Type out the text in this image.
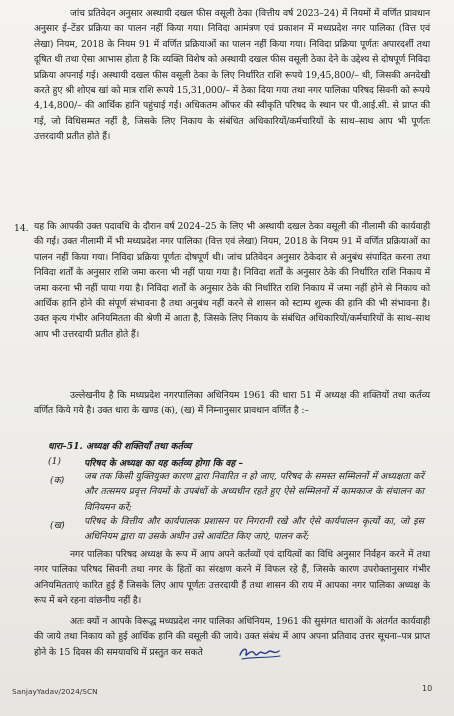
जांच प्रतिवेदन अनुसार अस्थायी दखल फीस वसूली ठेका (वित्तीय वर्ष 2023–24) में नियमों में वर्णित प्रावधान अनुसार ई–टेंडर प्रक्रिया का पालन नहीं किया गया। निविदा आमंत्रण एवं प्रकाशन में मध्यप्रदेश नगर पालिका (वित्त एवं लेखा) नियम, 2018 के नियम 91 में वर्णित प्रक्रियाओं का पालन नहीं किया गया। निविदा प्रक्रिया पूर्णतः अपारदर्शी तथा दूषित थी तथा ऐसा आभास होता है कि व्यक्ति विशेष को अस्थायी दखल फीस वसूली ठेका देने के उद्देश्य से दोषपूर्ण निविदा प्रक्रिया अपनाई गई। अस्थायी दखल फीस वसूली ठेका के लिए निर्धारित राशि रूपये 19,45,800/– थी, जिसकी अनदेखी करते हुए श्री शोएब खां को मात्र राशि रूपये 15,31,000/– में ठेका दिया गया तथा नगर पालिका परिषद सिवनी को रूपये 4,14,800/– की आर्थिक हानि पहुंचाई गई। अधिकतम ऑफर की स्वीकृति परिषद के स्थान पर पी.आई.सी. से प्राप्त की गई, जो विधिसम्मत नहीं है, जिसके लिए निकाय के संबंधित अधिकारियों/कर्मचारियों के साथ–साथ आप भी पूर्णतः उत्तरदायी प्रतीत होते हैं।

14. यह कि आपकी उक्त पदावधि के दौरान वर्ष 2024–25 के लिए भी अस्थायी दखल ठेका वसूली की नीलामी की कार्यवाही की गई। उक्त नीलामी में भी मध्यप्रदेश नगर पालिका (वित्त एवं लेखा) नियम, 2018 के नियम 91 में वर्णित प्रक्रियाओं का पालन नहीं किया गया। निविदा प्रक्रिया पूर्णतः दोषपूर्ण थी। जांच प्रतिवेदन अनुसार ठेकेदार से अनुबंध संपादित करना तथा निविदा शर्तों के अनुसार राशि जमा करना भी नहीं पाया गया है। निविदा शर्तों के अनुसार ठेके की निर्धारित राशि निकाय में जमा करना भी नहीं पाया गया है। निविदा शर्तों के अनुसार ठेके की निर्धारित राशि निकाय में जमा नहीं होने से निकाय को आर्थिक हानि होने की संपूर्ण संभावना है तथा अनुबंध नहीं करने से शासन को स्टाम्प शुल्क की हानि की भी संभावना है। उक्त कृत्य गंभीर अनियमितता की श्रेणी में आता है, जिसके लिए निकाय के संबंधित अधिकारियों/कर्मचारियों के साथ–साथ आप भी उत्तरदायी प्रतीत होते हैं।

उल्लेखनीय है कि मध्यप्रदेश नगरपालिका अधिनियम 1961 की धारा 51 में अध्यक्ष की शक्तियों तथा कर्तव्य वर्णित किये गये है। उक्त धारा के खण्ड (क), (ख) में निम्नानुसार प्रावधान वर्णित है :–

धारा–51. अध्यक्ष की शक्तियाँ तथा कर्तव्य
(1) परिषद के अध्यक्ष का यह कर्तव्य होगा कि वह –
(क) जब तक किसी युक्तियुक्त कारण द्वारा निवारित न हो जाए, परिषद के समस्त सम्मिलनों में अध्यक्षता करें और तत्समय प्रवृत्त नियमों के उपबंधों के अध्यधीन रहते हुए ऐसे सम्मिलनों में कामकाज के संचालन का विनियमन करें;
(ख) परिषद के वित्तीय और कार्यपालक प्रशासन पर निगरानी रखे और ऐसे कार्यपालन कृत्यों का, जो इस अधिनियम द्वारा या उसके अधीन उसे आवंटित किए जाएं, पालन करें;

नगर पालिका परिषद अध्यक्ष के रूप में आप अपने कर्तव्यों एवं दायित्वों का विधि अनुसार निर्वहन करने में तथा नगर पालिका परिषद सिवनी तथा नगर के हितों का संरक्षण करने में विफल रहे हैं, जिसके कारण उपरोक्तानुसार गंभीर अनियमितताएं कारित हुई हैं जिसके लिए आप पूर्णतः उत्तरदायी हैं तथा शासन की राय में आपका नगर पालिका अध्यक्ष के रूप में बने रहना वांछनीय नहीं है।

अतः क्यों न आपके विरूद्ध मध्यप्रदेश नगर पालिका अधिनियम, 1961 की सुसंगत धाराओं के अंतर्गत कार्यवाही की जाये तथा निकाय को हुई आर्थिक हानि की वसूली की जाये। उक्त संबंध में आप अपना प्रतिवाद उत्तर सूचना–पत्र प्राप्त होने के 15 दिवस की समयावधि में प्रस्तुत कर सकते

SanjayYadav/2024/SCN	10
